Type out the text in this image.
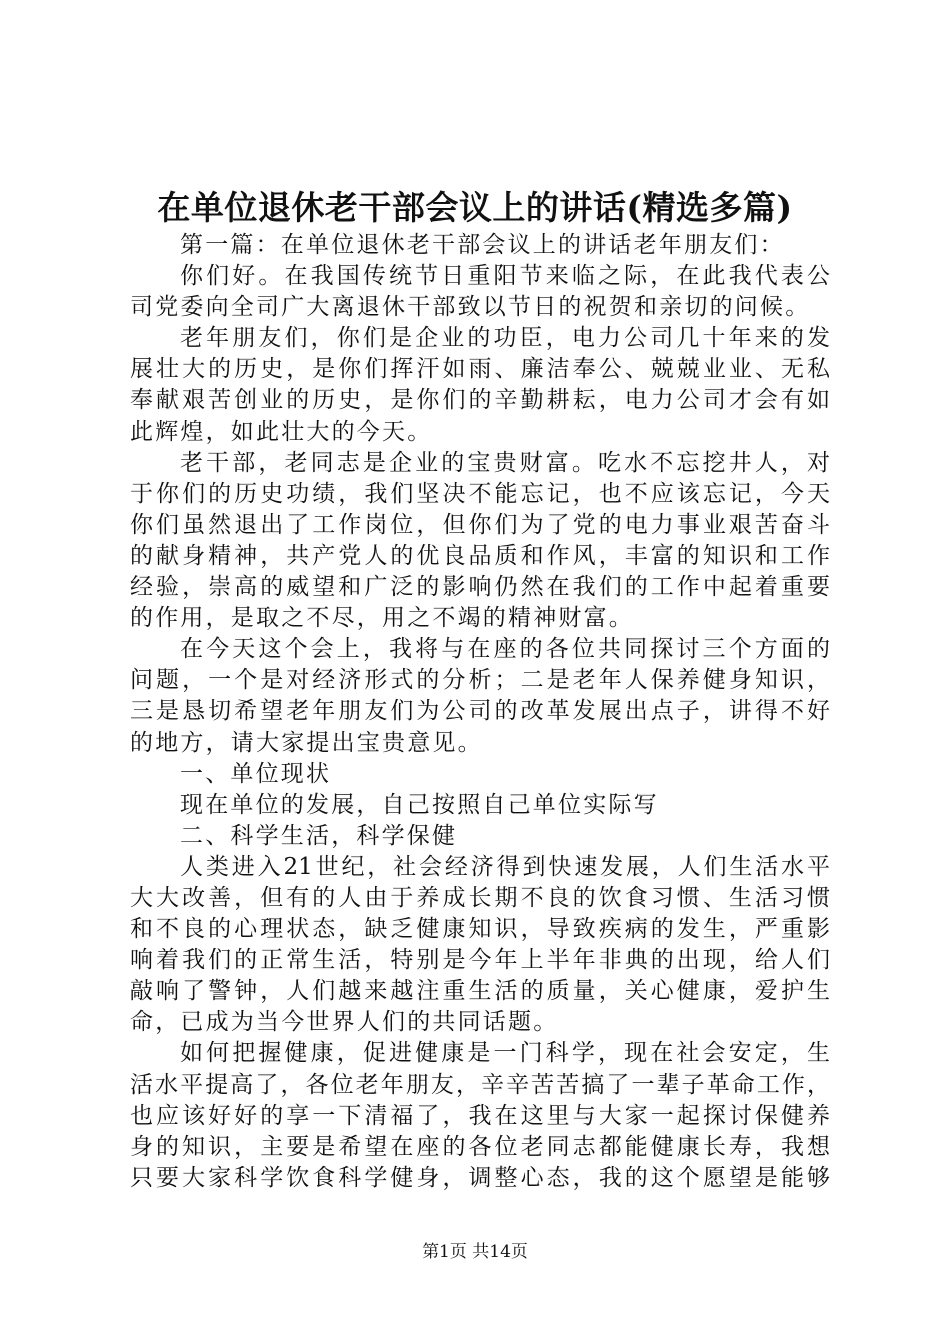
在单位退休老干部会议上的讲话(精选多篇)
第一篇：在单位退休老干部会议上的讲话老年朋友们：
你们好。在我国传统节日重阳节来临之际，在此我代表公
司党委向全司广大离退休干部致以节日的祝贺和亲切的问候。
老年朋友们，你们是企业的功臣，电力公司几十年来的发
展壮大的历史，是你们挥汗如雨、廉洁奉公、兢兢业业、无私
奉献艰苦创业的历史，是你们的辛勤耕耘，电力公司才会有如
此辉煌，如此壮大的今天。
老干部，老同志是企业的宝贵财富。吃水不忘挖井人，对
于你们的历史功绩，我们坚决不能忘记，也不应该忘记，今天
你们虽然退出了工作岗位，但你们为了党的电力事业艰苦奋斗
的献身精神，共产党人的优良品质和作风，丰富的知识和工作
经验，崇高的威望和广泛的影响仍然在我们的工作中起着重要
的作用，是取之不尽，用之不竭的精神财富。
在今天这个会上，我将与在座的各位共同探讨三个方面的
问题，一个是对经济形式的分析；二是老年人保养健身知识，
三是恳切希望老年朋友们为公司的改革发展出点子，讲得不好
的地方，请大家提出宝贵意见。
一、单位现状
现在单位的发展，自己按照自己单位实际写
二、科学生活，科学保健
人类进入21世纪，社会经济得到快速发展，人们生活水平
大大改善，但有的人由于养成长期不良的饮食习惯、生活习惯
和不良的心理状态，缺乏健康知识，导致疾病的发生，严重影
响着我们的正常生活，特别是今年上半年非典的出现，给人们
敲响了警钟，人们越来越注重生活的质量，关心健康，爱护生
命，已成为当今世界人们的共同话题。
如何把握健康，促进健康是一门科学，现在社会安定，生
活水平提高了，各位老年朋友，辛辛苦苦搞了一辈子革命工作，
也应该好好的享一下清福了，我在这里与大家一起探讨保健养
身的知识，主要是希望在座的各位老同志都能健康长寿，我想
只要大家科学饮食科学健身，调整心态，我的这个愿望是能够
第1页 共14页
